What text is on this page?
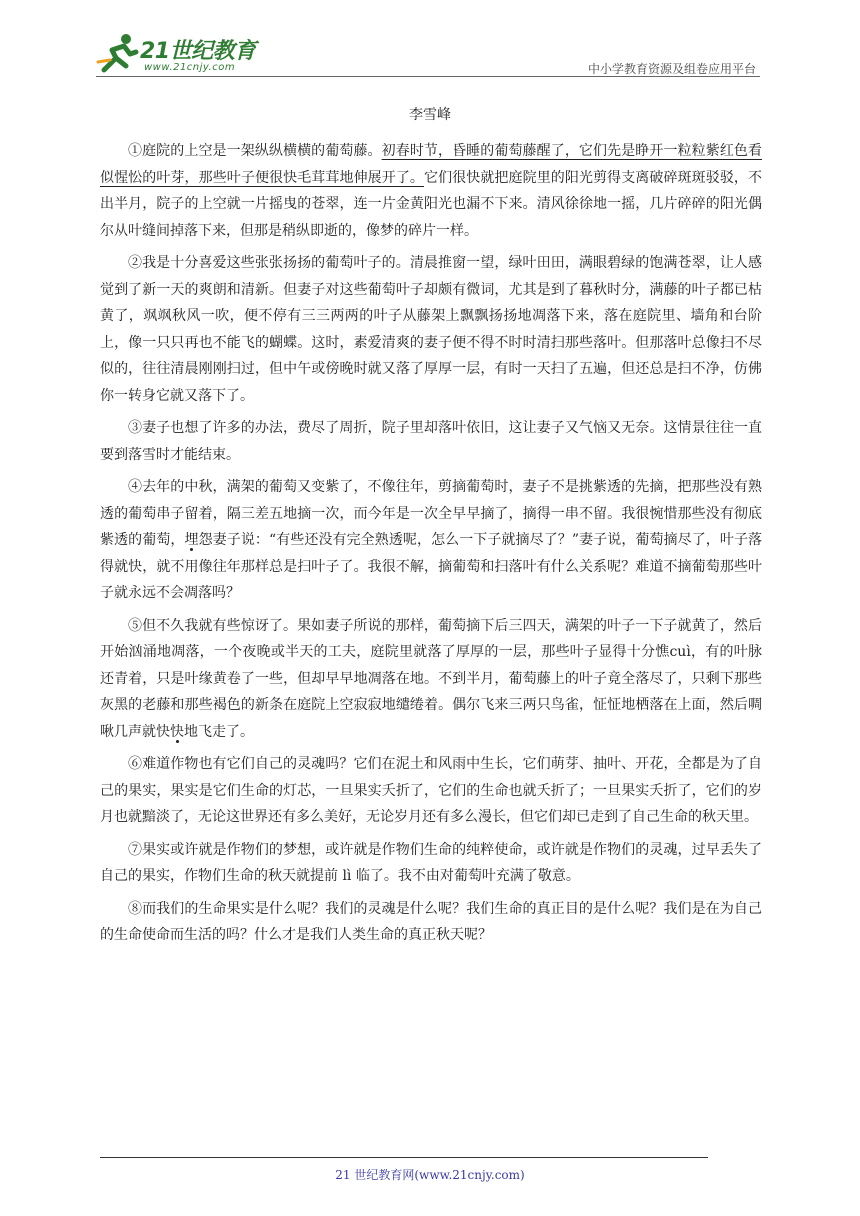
21世纪教育
www.21cnjy.com	中小学教育资源及组卷应用平台
李雪峰

①庭院的上空是一架纵纵横横的葡萄藤。初春时节，昏睡的葡萄藤醒了，它们先是睁开一粒粒紫红色看似惺忪的叶芽，那些叶子便很快毛茸茸地伸展开了。它们很快就把庭院里的阳光剪得支离破碎斑斑驳驳，不出半月，院子的上空就一片摇曳的苍翠，连一片金黄阳光也漏不下来。清风徐徐地一摇，几片碎碎的阳光偶尔从叶缝间掉落下来，但那是稍纵即逝的，像梦的碎片一样。

②我是十分喜爱这些张张扬扬的葡萄叶子的。清晨推窗一望，绿叶田田，满眼碧绿的饱满苍翠，让人感觉到了新一天的爽朗和清新。但妻子对这些葡萄叶子却颇有微词，尤其是到了暮秋时分，满藤的叶子都已枯黄了，飒飒秋风一吹，便不停有三三两两的叶子从藤架上飘飘扬扬地凋落下来，落在庭院里、墙角和台阶上，像一只只再也不能飞的蝴蝶。这时，素爱清爽的妻子便不得不时时清扫那些落叶。但那落叶总像扫不尽似的，往往清晨刚刚扫过，但中午或傍晚时就又落了厚厚一层，有时一天扫了五遍，但还总是扫不净，仿佛你一转身它就又落下了。

③妻子也想了许多的办法，费尽了周折，院子里却落叶依旧，这让妻子又气恼又无奈。这情景往往一直要到落雪时才能结束。

④去年的中秋，满架的葡萄又变紫了，不像往年，剪摘葡萄时，妻子不是挑紫透的先摘，把那些没有熟透的葡萄串子留着，隔三差五地摘一次，而今年是一次全早早摘了，摘得一串不留。我很惋惜那些没有彻底紫透的葡萄，埋怨妻子说：“有些还没有完全熟透呢，怎么一下子就摘尽了？”妻子说，葡萄摘尽了，叶子落得就快，就不用像往年那样总是扫叶子了。我很不解，摘葡萄和扫落叶有什么关系呢？难道不摘葡萄那些叶子就永远不会凋落吗？

⑤但不久我就有些惊讶了。果如妻子所说的那样，葡萄摘下后三四天，满架的叶子一下子就黄了，然后开始汹涌地凋落，一个夜晚或半天的工夫，庭院里就落了厚厚的一层，那些叶子显得十分憔cuì，有的叶脉还青着，只是叶缘黄卷了一些，但却早早地凋落在地。不到半月，葡萄藤上的叶子竟全落尽了，只剩下那些灰黑的老藤和那些褐色的新条在庭院上空寂寂地缱绻着。偶尔飞来三两只鸟雀，怔怔地栖落在上面，然后啁啾几声就快快地飞走了。

⑥难道作物也有它们自己的灵魂吗？它们在泥土和风雨中生长，它们萌芽、抽叶、开花，全都是为了自己的果实，果实是它们生命的灯芯，一旦果实夭折了，它们的生命也就夭折了；一旦果实夭折了，它们的岁月也就黯淡了，无论这世界还有多么美好，无论岁月还有多么漫长，但它们却已走到了自己生命的秋天里。

⑦果实或许就是作物们的梦想，或许就是作物们生命的纯粹使命，或许就是作物们的灵魂，过早丢失了自己的果实，作物们生命的秋天就提前 lì 临了。我不由对葡萄叶充满了敬意。

⑧而我们的生命果实是什么呢？我们的灵魂是什么呢？我们生命的真正目的是什么呢？我们是在为自己的生命使命而生活的吗？什么才是我们人类生命的真正秋天呢？

21 世纪教育网(www.21cnjy.com)
